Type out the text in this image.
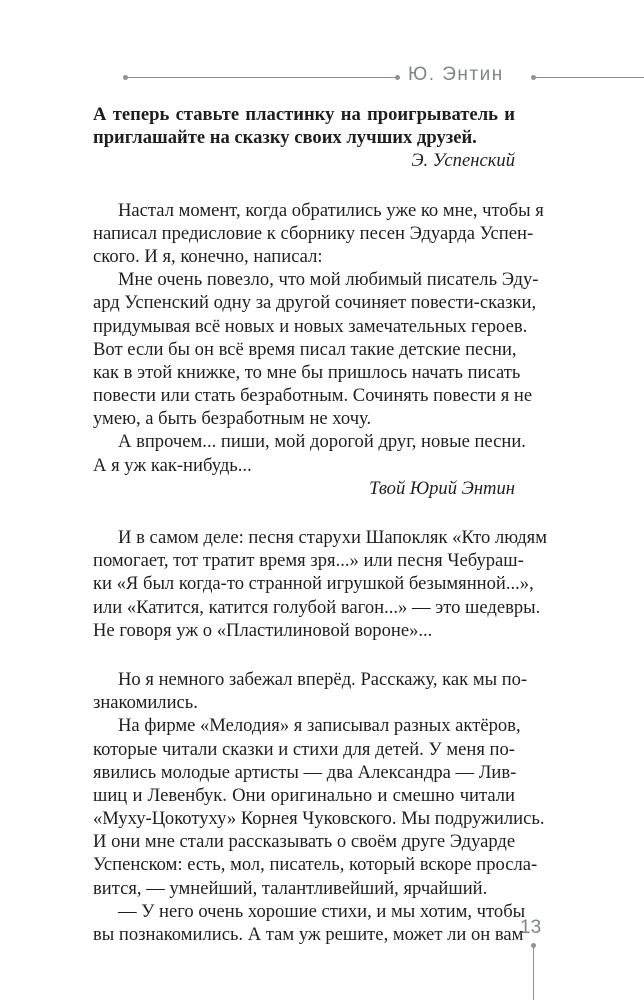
Ю. Энтин
А теперь ставьте пластинку на проигрыватель и
приглашайте на сказку своих лучших друзей.
Э. Успенский
Настал момент, когда обратились уже ко мне, чтобы я
написал предисловие к сборнику песен Эдуарда Успен-
ского. И я, конечно, написал:
Мне очень повезло, что мой любимый писатель Эду-
ард Успенский одну за другой сочиняет повести-сказки,
придумывая всё новых и новых замечательных героев.
Вот если бы он всё время писал такие детские песни,
как в этой книжке, то мне бы пришлось начать писать
повести или стать безработным. Сочинять повести я не
умею, а быть безработным не хочу.
А впрочем... пиши, мой дорогой друг, новые песни.
А я уж как-нибудь...
Твой Юрий Энтин
И в самом деле: песня старухи Шапокляк «Кто людям
помогает, тот тратит время зря...» или песня Чебураш-
ки «Я был когда-то странной игрушкой безымянной...»,
или «Катится, катится голубой вагон...» — это шедевры.
Не говоря уж о «Пластилиновой вороне»...
Но я немного забежал вперёд. Расскажу, как мы по-
знакомились.
На фирме «Мелодия» я записывал разных актёров,
которые читали сказки и стихи для детей. У меня по-
явились молодые артисты — два Александра — Лив-
шиц и Левенбук. Они оригинально и смешно читали
«Муху-Цокотуху» Корнея Чуковского. Мы подружились.
И они мне стали рассказывать о своём друге Эдуарде
Успенском: есть, мол, писатель, который вскоре просла-
вится, — умнейший, талантливейший, ярчайший.
— У него очень хорошие стихи, и мы хотим, чтобы
вы познакомились. А там уж решите, может ли он вам
13
